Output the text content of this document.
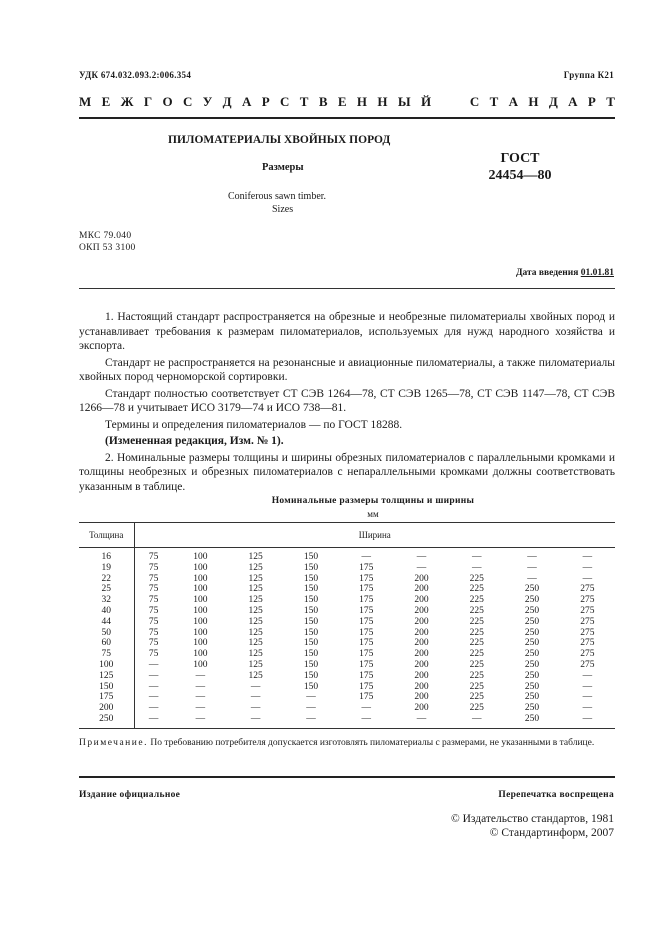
УДК 674.032.093.2:006.354	Группа К21
М Е Ж Г О С У Д А Р С Т В Е Н Н Ы Й	С Т А Н Д А Р Т
ПИЛОМАТЕРИАЛЫ ХВОЙНЫХ ПОРОД
Размеры
ГОСТ
24454—80
Coniferous sawn timber.
Sizes
МКС 79.040
ОКП 53 3100
Дата введения 01.01.81

1. Настоящий стандарт распространяется на обрезные и необрезные пиломатериалы хвойных пород и устанавливает требования к размерам пиломатериалов, используемых для нужд народного хозяйства и экспорта.

Стандарт не распространяется на резонансные и авиационные пиломатериалы, а также пиломатериалы хвойных пород черноморской сортировки.

Стандарт полностью соответствует СТ СЭВ 1264—78, СТ СЭВ 1265—78, СТ СЭВ 1147—78, СТ СЭВ 1266—78 и учитывает ИСО 3179—74 и ИСО 738—81.

Термины и определения пиломатериалов — по ГОСТ 18288.

(Измененная редакция, Изм. № 1).

2. Номинальные размеры толщины и ширины обрезных пиломатериалов с параллельными кромками и толщины необрезных и обрезных пиломатериалов с непараллельными кромками должны соответствовать указанным в таблице.

Номинальные размеры толщины и ширины
мм
Толщина	Ширина								
16	75	100	125	150	—	—	—	—	—
19	75	100	125	150	175	—	—	—	—
22	75	100	125	150	175	200	225	—	—
25	75	100	125	150	175	200	225	250	275
32	75	100	125	150	175	200	225	250	275
40	75	100	125	150	175	200	225	250	275
44	75	100	125	150	175	200	225	250	275
50	75	100	125	150	175	200	225	250	275
60	75	100	125	150	175	200	225	250	275
75	75	100	125	150	175	200	225	250	275
100	—	100	125	150	175	200	225	250	275
125	—	—	125	150	175	200	225	250	—
150	—	—	—	150	175	200	225	250	—
175	—	—	—	—	175	200	225	250	—
200	—	—	—	—	—	200	225	250	—
250	—	—	—	—	—	—	—	250	—
Примечание. По требованию потребителя допускается изготовлять пиломатериалы с размерами, не указанными в таблице.
Издание официальное	Перепечатка воспрещена
© Издательство стандартов, 1981
© Стандартинформ, 2007
